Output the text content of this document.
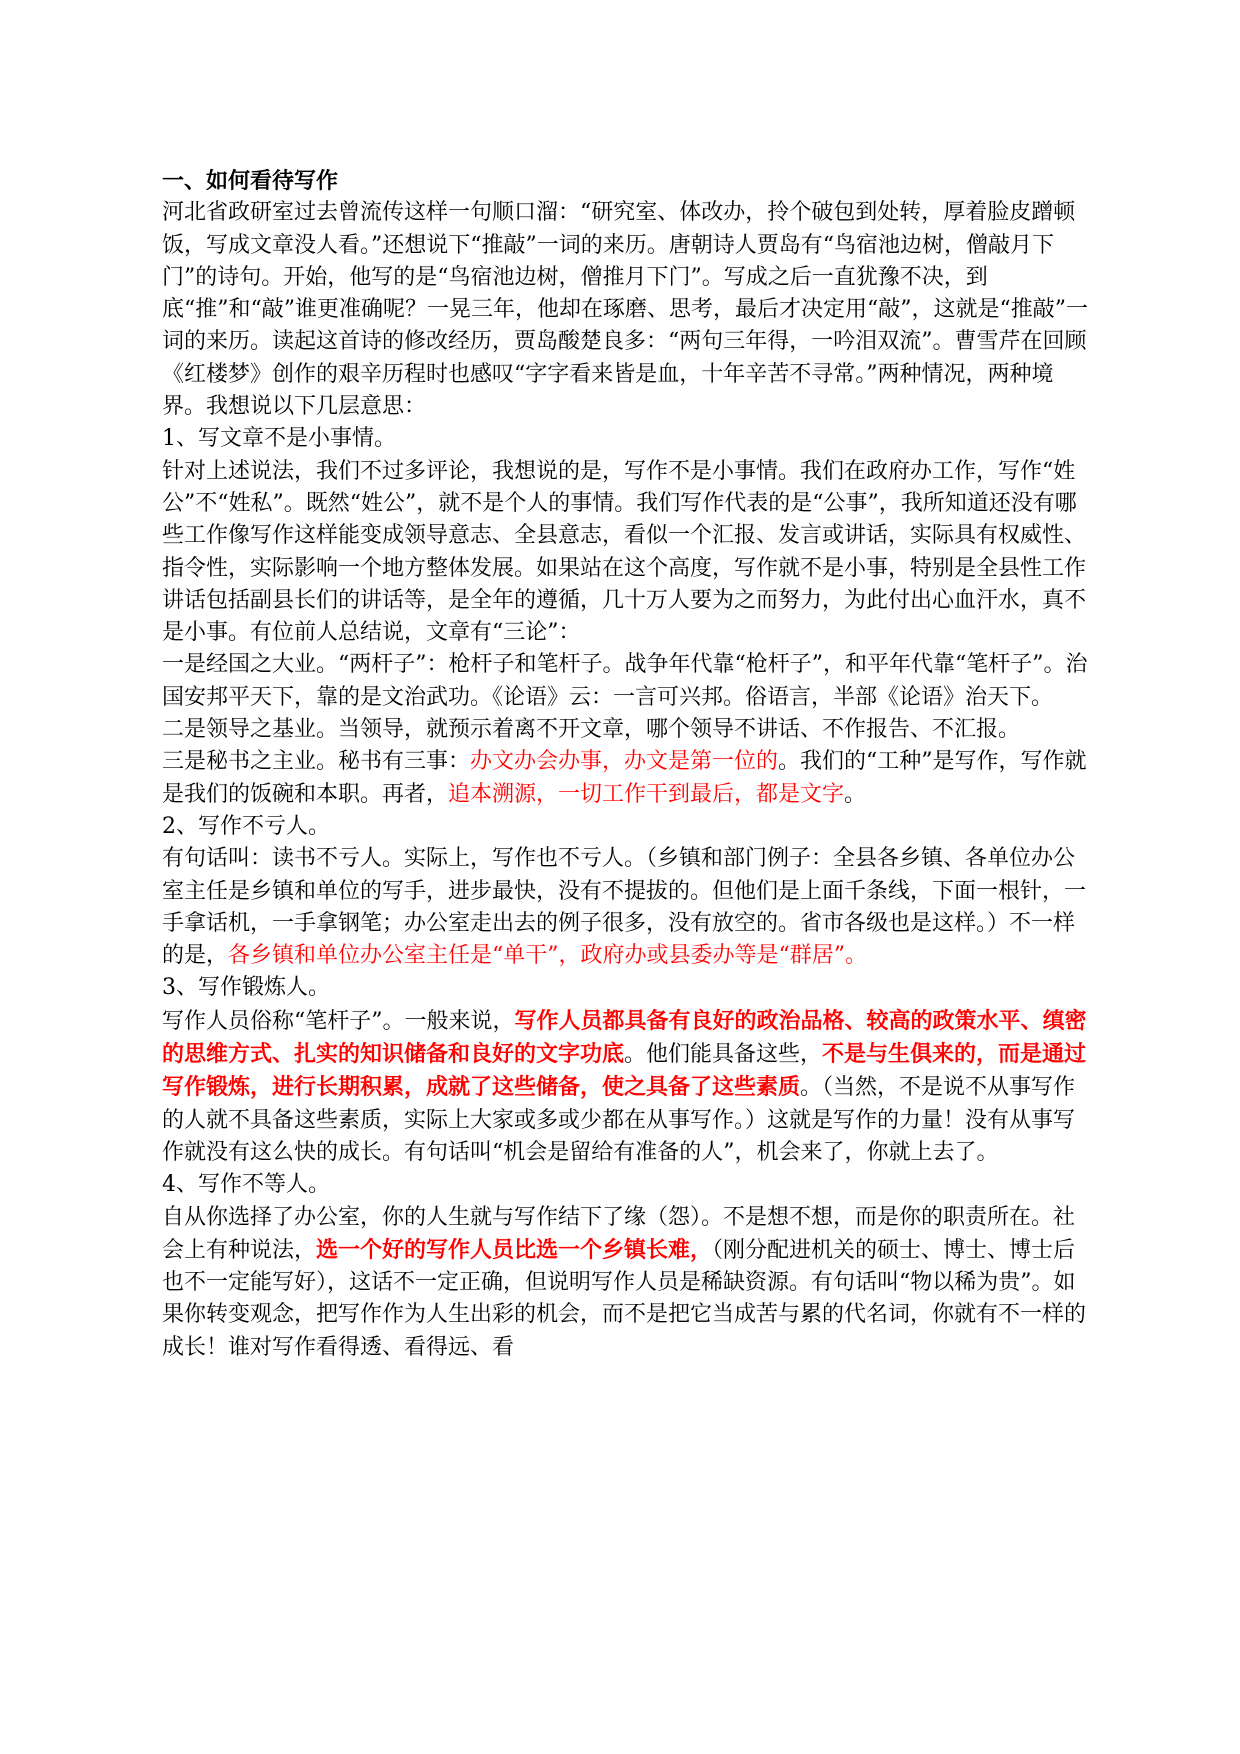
一、如何看待写作

河北省政研室过去曾流传这样一句顺口溜：“研究室、体改办，拎个破包到处转，厚着脸皮蹭顿饭，写成文章没人看。”还想说下“推敲”一词的来历。唐朝诗人贾岛有“鸟宿池边树，僧敲月下门”的诗句。开始，他写的是“鸟宿池边树，僧推月下门”。写成之后一直犹豫不决，到底“推”和“敲”谁更准确呢？一晃三年，他却在琢磨、思考，最后才决定用“敲”，这就是“推敲”一词的来历。读起这首诗的修改经历，贾岛酸楚良多：“两句三年得，一吟泪双流”。曹雪芹在回顾《红楼梦》创作的艰辛历程时也感叹“字字看来皆是血，十年辛苦不寻常。”两种情况，两种境界。我想说以下几层意思：

1、写文章不是小事情。

针对上述说法，我们不过多评论，我想说的是，写作不是小事情。我们在政府办工作，写作“姓公”不“姓私”。既然“姓公”，就不是个人的事情。我们写作代表的是“公事”，我所知道还没有哪些工作像写作这样能变成领导意志、全县意志，看似一个汇报、发言或讲话，实际具有权威性、指令性，实际影响一个地方整体发展。如果站在这个高度，写作就不是小事，特别是全县性工作讲话包括副县长们的讲话等，是全年的遵循，几十万人要为之而努力，为此付出心血汗水，真不是小事。有位前人总结说，文章有“三论”：

一是经国之大业。“两杆子”：枪杆子和笔杆子。战争年代靠“枪杆子”，和平年代靠“笔杆子”。治国安邦平天下，靠的是文治武功。《论语》云：一言可兴邦。俗语言，半部《论语》治天下。

二是领导之基业。当领导，就预示着离不开文章，哪个领导不讲话、不作报告、不汇报。

三是秘书之主业。秘书有三事：办文办会办事，办文是第一位的。我们的“工种”是写作，写作就是我们的饭碗和本职。再者，追本溯源，一切工作干到最后，都是文字。

2、写作不亏人。

有句话叫：读书不亏人。实际上，写作也不亏人。（乡镇和部门例子：全县各乡镇、各单位办公室主任是乡镇和单位的写手，进步最快，没有不提拔的。但他们是上面千条线，下面一根针，一手拿话机，一手拿钢笔；办公室走出去的例子很多，没有放空的。省市各级也是这样。）不一样的是，各乡镇和单位办公室主任是“单干”，政府办或县委办等是“群居”。

3、写作锻炼人。

写作人员俗称“笔杆子”。一般来说，写作人员都具备有良好的政治品格、较高的政策水平、缜密的思维方式、扎实的知识储备和良好的文字功底。他们能具备这些，不是与生俱来的，而是通过写作锻炼，进行长期积累，成就了这些储备，使之具备了这些素质。（当然，不是说不从事写作的人就不具备这些素质，实际上大家或多或少都在从事写作。）这就是写作的力量！没有从事写作就没有这么快的成长。有句话叫“机会是留给有准备的人”，机会来了，你就上去了。

4、写作不等人。

自从你选择了办公室，你的人生就与写作结下了缘（怨）。不是想不想，而是你的职责所在。社会上有种说法，选一个好的写作人员比选一个乡镇长难，（刚分配进机关的硕士、博士、博士后也不一定能写好），这话不一定正确，但说明写作人员是稀缺资源。有句话叫“物以稀为贵”。如果你转变观念，把写作作为人生出彩的机会，而不是把它当成苦与累的代名词，你就有不一样的成长！谁对写作看得透、看得远、看
